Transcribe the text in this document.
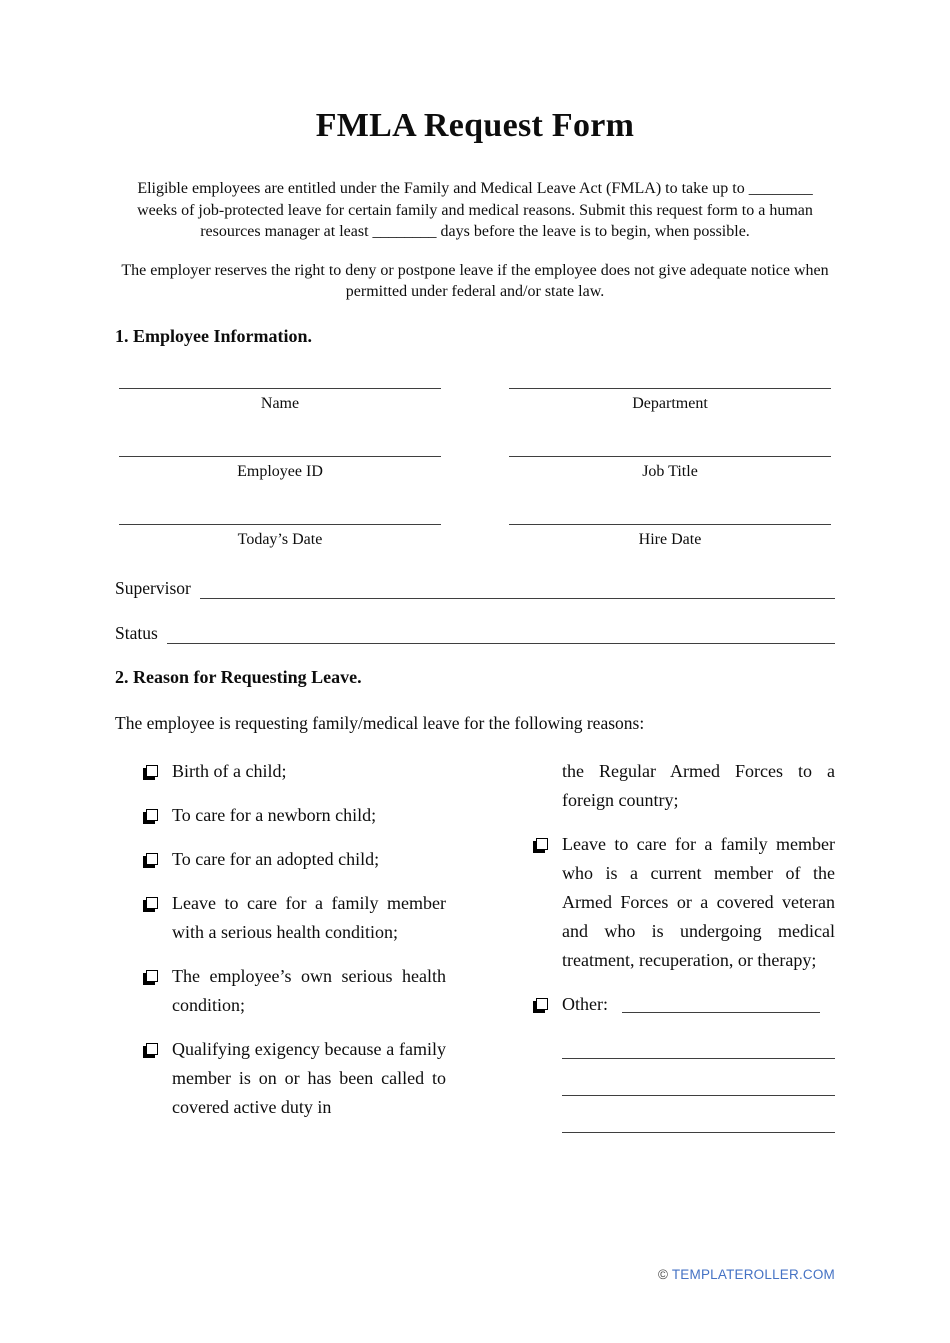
FMLA Request Form

Eligible employees are entitled under the Family and Medical Leave Act (FMLA) to take up to ________ weeks of job-protected leave for certain family and medical reasons. Submit this request form to a human resources manager at least ________ days before the leave is to begin, when possible.

The employer reserves the right to deny or postpone leave if the employee does not give adequate notice when permitted under federal and/or state law.

1. Employee Information.
Name	Department
Employee ID	Job Title
Today’s Date	Hire Date
Supervisor
Status
2. Reason for Requesting Leave.

The employee is requesting family/medical leave for the following reasons:

Birth of a child;
To care for a newborn child;
To care for an adopted child;
Leave to care for a family member with a serious health condition;
The employee’s own serious health condition;
Qualifying exigency because a family member is on or has been called to covered active duty in
the Regular Armed Forces to a foreign country;
Leave to care for a family member who is a current member of the Armed Forces or a covered veteran and who is undergoing medical treatment, recuperation, or therapy;
Other:
© TEMPLATEROLLER.COM
